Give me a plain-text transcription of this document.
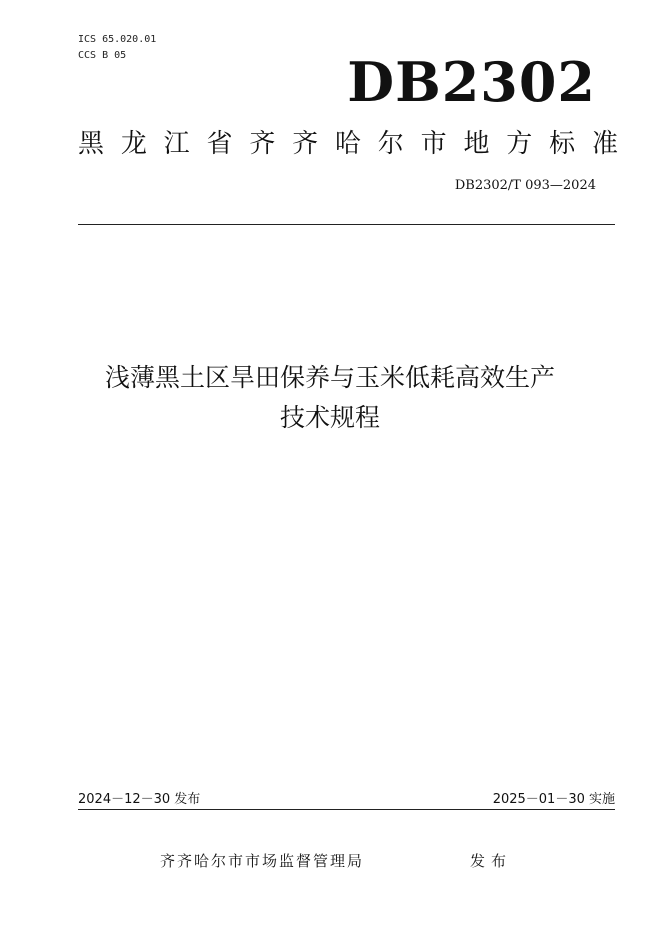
ICS 65.020.01
CCS B 05	DB2302
黑 龙 江 省 齐 齐 哈 尔 市 地 方 标 准
DB2302/T 093—2024
浅薄黑土区旱田保养与玉米低耗高效生产
技术规程
2024－12－30 发布	2025－01－30 实施
齐齐哈尔市市场监督管理局	发布
